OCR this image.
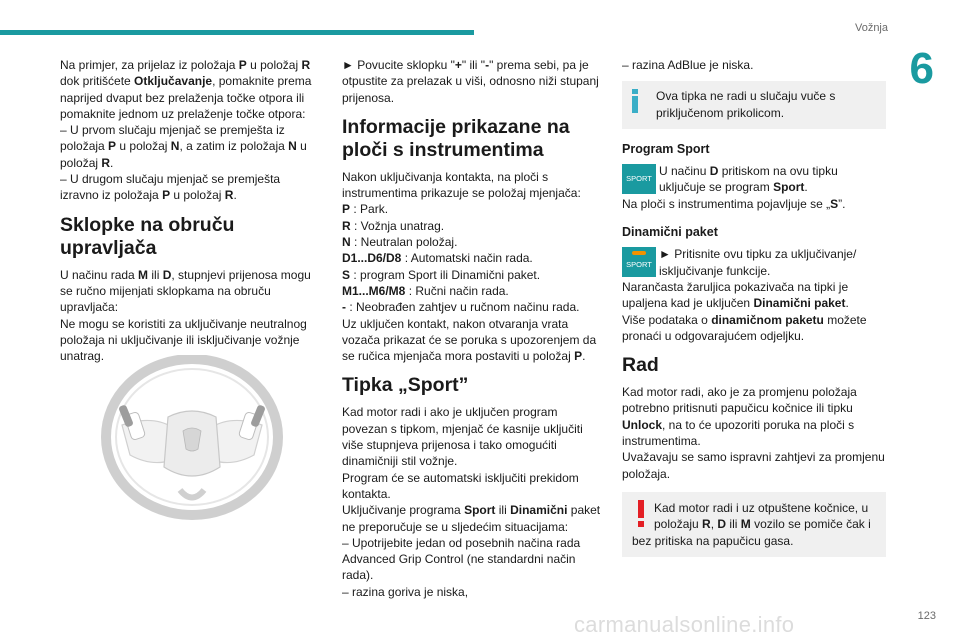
Vožnja
6

Na primjer, za prijelaz iz položaja P u položaj R dok pritišćete Otključavanje, pomaknite prema naprijed dvaput bez prelaženja točke otpora ili pomaknite jednom uz prelaženje točke otpora:

– U prvom slučaju mjenjač se premješta iz položaja P u položaj N, a zatim iz položaja N u položaj R.

– U drugom slučaju mjenjač se premješta izravno iz položaja P u položaj R.

Sklopke na obruču upravljača

U načinu rada M ili D, stupnjevi prijenosa mogu se ručno mijenjati sklopkama na obruču upravljača:

Ne mogu se koristiti za uključivanje neutralnog položaja ni uključivanje ili isključivanje vožnje unatrag.

► Povucite sklopku "+" ili "-" prema sebi, pa je otpustite za prelazak u viši, odnosno niži stupanj prijenosa.

Informacije prikazane na ploči s instrumentima

Nakon uključivanja kontakta, na ploči s instrumentima prikazuje se položaj mjenjača:

P : Park.
R : Vožnja unatrag.
N : Neutralan položaj.
D1...D6/D8 : Automatski način rada.
S : program Sport ili Dinamični paket.
M1...M6/M8 : Ručni način rada.
- : Neobrađen zahtjev u ručnom načinu rada.

Uz uključen kontakt, nakon otvaranja vrata vozača prikazat će se poruka s upozorenjem da se ručica mjenjača mora postaviti u položaj P.

Tipka „Sport”

Kad motor radi i ako je uključen program povezan s tipkom, mjenjač će kasnije uključiti više stupnjeva prijenosa i tako omogućiti dinamičniji stil vožnje.

Program će se automatski isključiti prekidom kontakta.

Uključivanje programa Sport ili Dinamični paket ne preporučuje se u sljedećim situacijama:

– Upotrijebite jedan od posebnih načina rada Advanced Grip Control (ne standardni način rada).

– razina goriva je niska,

– razina AdBlue je niska.

Ova tipka ne radi u slučaju vuče s priključenom prikolicom.

Program Sport
SPORT

U načinu D pritiskom na ovu tipku uključuje se program Sport.

Na ploči s instrumentima pojavljuje se „S”.

Dinamični paket
SPORT

► Pritisnite ovu tipku za uključivanje/ isključivanje funkcije.

Narančasta žaruljica pokazivača na tipki je upaljena kad je uključen Dinamični paket.

Više podataka o dinamičnom paketu možete pronaći u odgovarajućem odjeljku.

Rad

Kad motor radi, ako je za promjenu položaja potrebno pritisnuti papučicu kočnice ili tipku Unlock, na to će upozoriti poruka na ploči s instrumentima.

Uvažavaju se samo ispravni zahtjevi za promjenu položaja.

Kad motor radi i uz otpuštene kočnice, u položaju R, D ili M vozilo se pomiče čak i bez pritiska na papučicu gasa.

carmanualsonline.info	123
